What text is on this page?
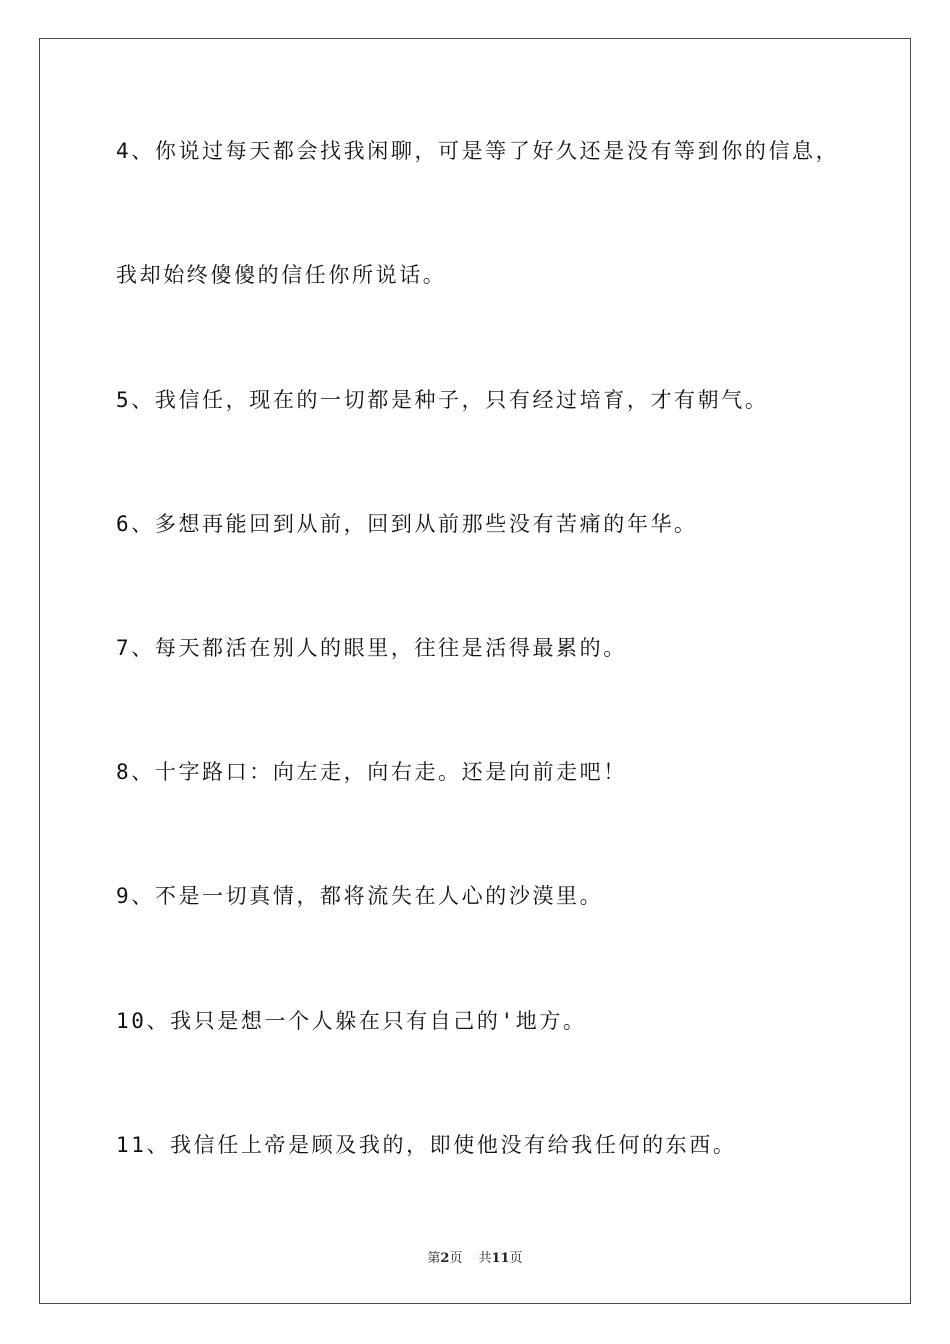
4、你说过每天都会找我闲聊，可是等了好久还是没有等到你的信息，
我却始终傻傻的信任你所说话。
5、我信任，现在的一切都是种子，只有经过培育，才有朝气。
6、多想再能回到从前，回到从前那些没有苦痛的年华。
7、每天都活在别人的眼里，往往是活得最累的。
8、十字路口：向左走，向右走。还是向前走吧！
9、不是一切真情，都将流失在人心的沙漠里。
10、我只是想一个人躲在只有自己的'地方。
11、我信任上帝是顾及我的，即使他没有给我任何的东西。
第2页 共11页
